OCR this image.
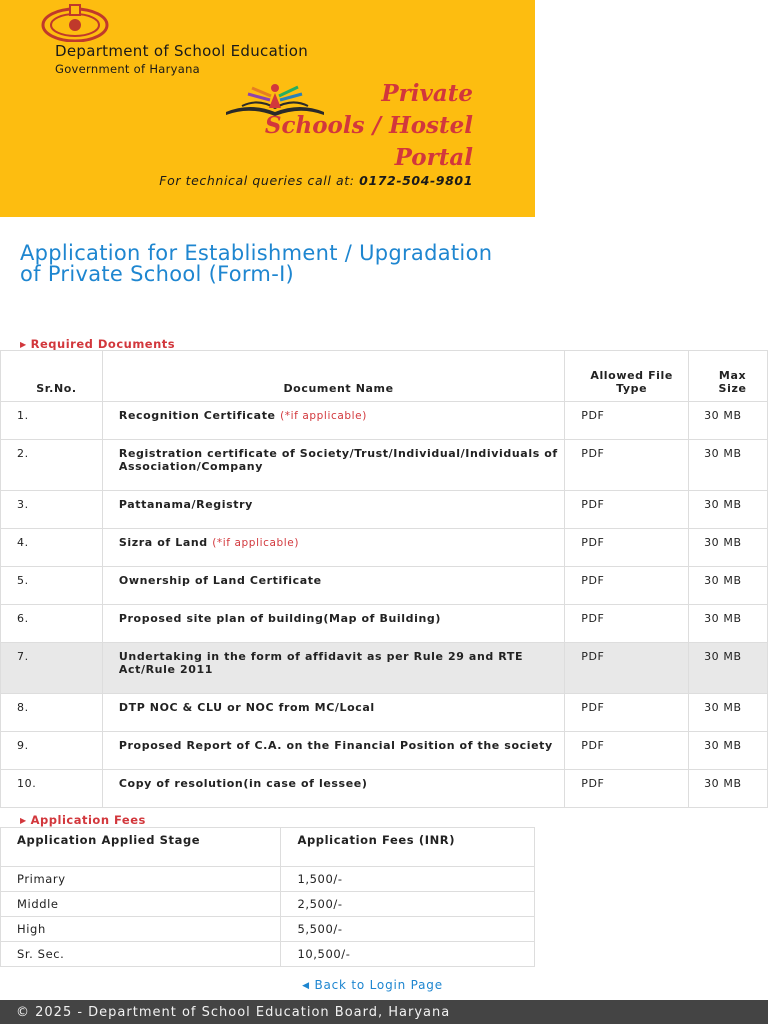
Department of School Education
Government of Haryana
Private
Schools / Hostel
Portal
For technical queries call at: 0172-504-9801
Application for Establishment / Upgradation of Private School (Form-I)
▶ Required Documents
Sr.No.	Document Name	Allowed File Type	Max Size
1.	Recognition Certificate (*if applicable)	PDF	30 MB
2.	Registration certificate of Society/Trust/Individual/Individuals of Association/Company	PDF	30 MB
3.	Pattanama/Registry	PDF	30 MB
4.	Sizra of Land (*if applicable)	PDF	30 MB
5.	Ownership of Land Certificate	PDF	30 MB
6.	Proposed site plan of building(Map of Building)	PDF	30 MB
7.	Undertaking in the form of affidavit as per Rule 29 and RTE Act/Rule 2011	PDF	30 MB
8.	DTP NOC & CLU or NOC from MC/Local	PDF	30 MB
9.	Proposed Report of C.A. on the Financial Position of the society	PDF	30 MB
10.	Copy of resolution(in case of lessee)	PDF	30 MB
▶ Application Fees
Application Applied Stage	Application Fees (INR)
Primary	1,500/-
Middle	2,500/-
High	5,500/-
Sr. Sec.	10,500/-
◀ Back to Login Page
© 2025 - Department of School Education Board, Haryana
